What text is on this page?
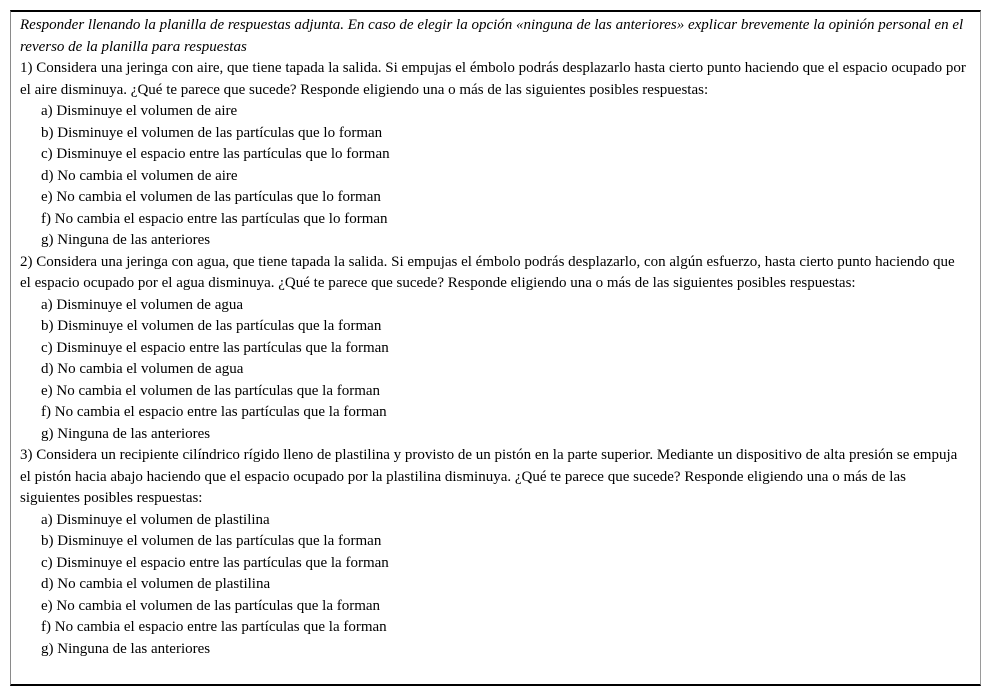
Responder llenando la planilla de respuestas adjunta. En caso de elegir la opción «ninguna de las anteriores» explicar brevemente la opinión personal en el reverso de la planilla para respuestas

1) Considera una jeringa con aire, que tiene tapada la salida. Si empujas el émbolo podrás desplazarlo hasta cierto punto haciendo que el espacio ocupado por el aire disminuya. ¿Qué te parece que sucede? Responde eligiendo una o más de las siguientes posibles respuestas:

a) Disminuye el volumen de aire

b) Disminuye el volumen de las partículas que lo forman

c) Disminuye el espacio entre las partículas que lo forman

d) No cambia el volumen de aire

e) No cambia el volumen de las partículas que lo forman

f) No cambia el espacio entre las partículas que lo forman

g) Ninguna de las anteriores

2) Considera una jeringa con agua, que tiene tapada la salida. Si empujas el émbolo podrás desplazarlo, con algún esfuerzo, hasta cierto punto haciendo que el espacio ocupado por el agua disminuya. ¿Qué te parece que sucede? Responde eligiendo una o más de las siguientes posibles respuestas:

a) Disminuye el volumen de agua

b) Disminuye el volumen de las partículas que la forman

c) Disminuye el espacio entre las partículas que la forman

d) No cambia el volumen de agua

e) No cambia el volumen de las partículas que la forman

f) No cambia el espacio entre las partículas que la forman

g) Ninguna de las anteriores

3) Considera un recipiente cilíndrico rígido lleno de plastilina y provisto de un pistón en la parte superior. Mediante un dispositivo de alta presión se empuja el pistón hacia abajo haciendo que el espacio ocupado por la plastilina disminuya. ¿Qué te parece que sucede? Responde eligiendo una o más de las siguientes posibles respuestas:

a) Disminuye el volumen de plastilina

b) Disminuye el volumen de las partículas que la forman

c) Disminuye el espacio entre las partículas que la forman

d) No cambia el volumen de plastilina

e) No cambia el volumen de las partículas que la forman

f) No cambia el espacio entre las partículas que la forman

g) Ninguna de las anteriores
